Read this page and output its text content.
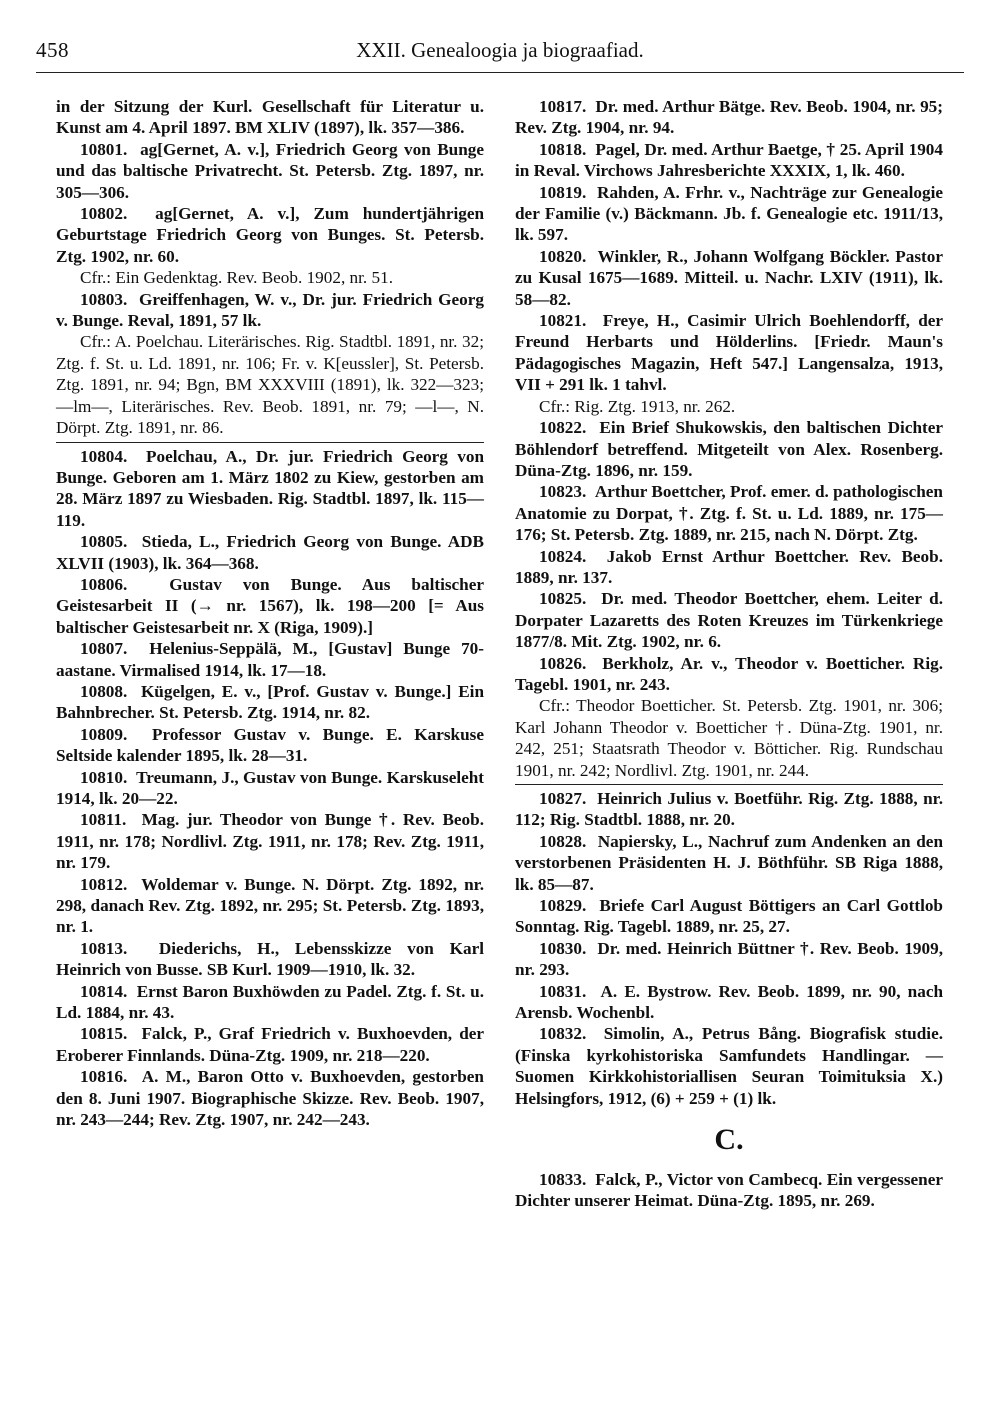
458	XXII. Genealoogia ja biograafiad.

in der Sitzung der Kurl. Gesellschaft für Literatur u. Kunst am 4. April 1897. BM XLIV (1897), lk. 357—386.

10801. ag[Gernet, A. v.], Friedrich Georg von Bunge und das baltische Privatrecht. St. Petersb. Ztg. 1897, nr. 305—306.

10802. ag[Gernet, A. v.], Zum hundertjährigen Geburtstage Friedrich Georg von Bunges. St. Petersb. Ztg. 1902, nr. 60.

Cfr.: Ein Gedenktag. Rev. Beob. 1902, nr. 51.

10803. Greiffenhagen, W. v., Dr. jur. Friedrich Georg v. Bunge. Reval, 1891, 57 lk.

Cfr.: A. Poelchau. Literärisches. Rig. Stadtbl. 1891, nr. 32; Ztg. f. St. u. Ld. 1891, nr. 106; Fr. v. K[eussler], St. Petersb. Ztg. 1891, nr. 94; Bgn, BM XXXVIII (1891), lk. 322—323; —lm—, Literärisches. Rev. Beob. 1891, nr. 79; —l—, N. Dörpt. Ztg. 1891, nr. 86.

10804. Poelchau, A., Dr. jur. Friedrich Georg von Bunge. Geboren am 1. März 1802 zu Kiew, gestorben am 28. März 1897 zu Wiesbaden. Rig. Stadtbl. 1897, lk. 115—119.

10805. Stieda, L., Friedrich Georg von Bunge. ADB XLVII (1903), lk. 364—368.

10806. Gustav von Bunge. Aus baltischer Geistesarbeit II (→ nr. 1567), lk. 198—200 [= Aus baltischer Geistesarbeit nr. X (Riga, 1909).]

10807. Helenius-Seppälä, M., [Gustav] Bunge 70-aastane. Virmalised 1914, lk. 17—18.

10808. Kügelgen, E. v., [Prof. Gustav v. Bunge.] Ein Bahnbrecher. St. Petersb. Ztg. 1914, nr. 82.

10809. Professor Gustav v. Bunge. E. Karskuse Seltside kalender 1895, lk. 28—31.

10810. Treumann, J., Gustav von Bunge. Karskuseleht 1914, lk. 20—22.

10811. Mag. jur. Theodor von Bunge †. Rev. Beob. 1911, nr. 178; Nordlivl. Ztg. 1911, nr. 178; Rev. Ztg. 1911, nr. 179.

10812. Woldemar v. Bunge. N. Dörpt. Ztg. 1892, nr. 298, danach Rev. Ztg. 1892, nr. 295; St. Petersb. Ztg. 1893, nr. 1.

10813. Diederichs, H., Lebensskizze von Karl Heinrich von Busse. SB Kurl. 1909—1910, lk. 32.

10814. Ernst Baron Buxhöwden zu Padel. Ztg. f. St. u. Ld. 1884, nr. 43.

10815. Falck, P., Graf Friedrich v. Buxhoevden, der Eroberer Finnlands. Düna-Ztg. 1909, nr. 218—220.

10816. A. M., Baron Otto v. Buxhoevden, gestorben den 8. Juni 1907. Biographische Skizze. Rev. Beob. 1907, nr. 243—244; Rev. Ztg. 1907, nr. 242—243.

10817. Dr. med. Arthur Bätge. Rev. Beob. 1904, nr. 95; Rev. Ztg. 1904, nr. 94.

10818. Pagel, Dr. med. Arthur Baetge, † 25. April 1904 in Reval. Virchows Jahresberichte XXXIX, 1, lk. 460.

10819. Rahden, A. Frhr. v., Nachträge zur Genealogie der Familie (v.) Bäckmann. Jb. f. Genealogie etc. 1911/13, lk. 597.

10820. Winkler, R., Johann Wolfgang Böckler. Pastor zu Kusal 1675—1689. Mitteil. u. Nachr. LXIV (1911), lk. 58—82.

10821. Freye, H., Casimir Ulrich Boehlendorff, der Freund Herbarts und Hölderlins. [Friedr. Maun's Pädagogisches Magazin, Heft 547.] Langensalza, 1913, VII + 291 lk. 1 tahvl.

Cfr.: Rig. Ztg. 1913, nr. 262.

10822. Ein Brief Shukowskis, den baltischen Dichter Böhlendorf betreffend. Mitgeteilt von Alex. Rosenberg. Düna-Ztg. 1896, nr. 159.

10823. Arthur Boettcher, Prof. emer. d. pathologischen Anatomie zu Dorpat, †. Ztg. f. St. u. Ld. 1889, nr. 175—176; St. Petersb. Ztg. 1889, nr. 215, nach N. Dörpt. Ztg.

10824. Jakob Ernst Arthur Boettcher. Rev. Beob. 1889, nr. 137.

10825. Dr. med. Theodor Boettcher, ehem. Leiter d. Dorpater Lazaretts des Roten Kreuzes im Türkenkriege 1877/8. Mit. Ztg. 1902, nr. 6.

10826. Berkholz, Ar. v., Theodor v. Boetticher. Rig. Tagebl. 1901, nr. 243.

Cfr.: Theodor Boetticher. St. Petersb. Ztg. 1901, nr. 306; Karl Johann Theodor v. Boetticher †. Düna-Ztg. 1901, nr. 242, 251; Staatsrath Theodor v. Bötticher. Rig. Rundschau 1901, nr. 242; Nordlivl. Ztg. 1901, nr. 244.

10827. Heinrich Julius v. Boetführ. Rig. Ztg. 1888, nr. 112; Rig. Stadtbl. 1888, nr. 20.

10828. Napiersky, L., Nachruf zum Andenken an den verstorbenen Präsidenten H. J. Böthführ. SB Riga 1888, lk. 85—87.

10829. Briefe Carl August Böttigers an Carl Gottlob Sonntag. Rig. Tagebl. 1889, nr. 25, 27.

10830. Dr. med. Heinrich Büttner †. Rev. Beob. 1909, nr. 293.

10831. A. E. Bystrow. Rev. Beob. 1899, nr. 90, nach Arensb. Wochenbl.

10832. Simolin, A., Petrus Bång. Biografisk studie. (Finska kyrkohistoriska Samfundets Handlingar. — Suomen Kirkkohistoriallisen Seuran Toimituksia X.) Helsingfors, 1912, (6) + 259 + (1) lk.

C.

10833. Falck, P., Victor von Cambecq. Ein vergessener Dichter unserer Heimat. Düna-Ztg. 1895, nr. 269.
